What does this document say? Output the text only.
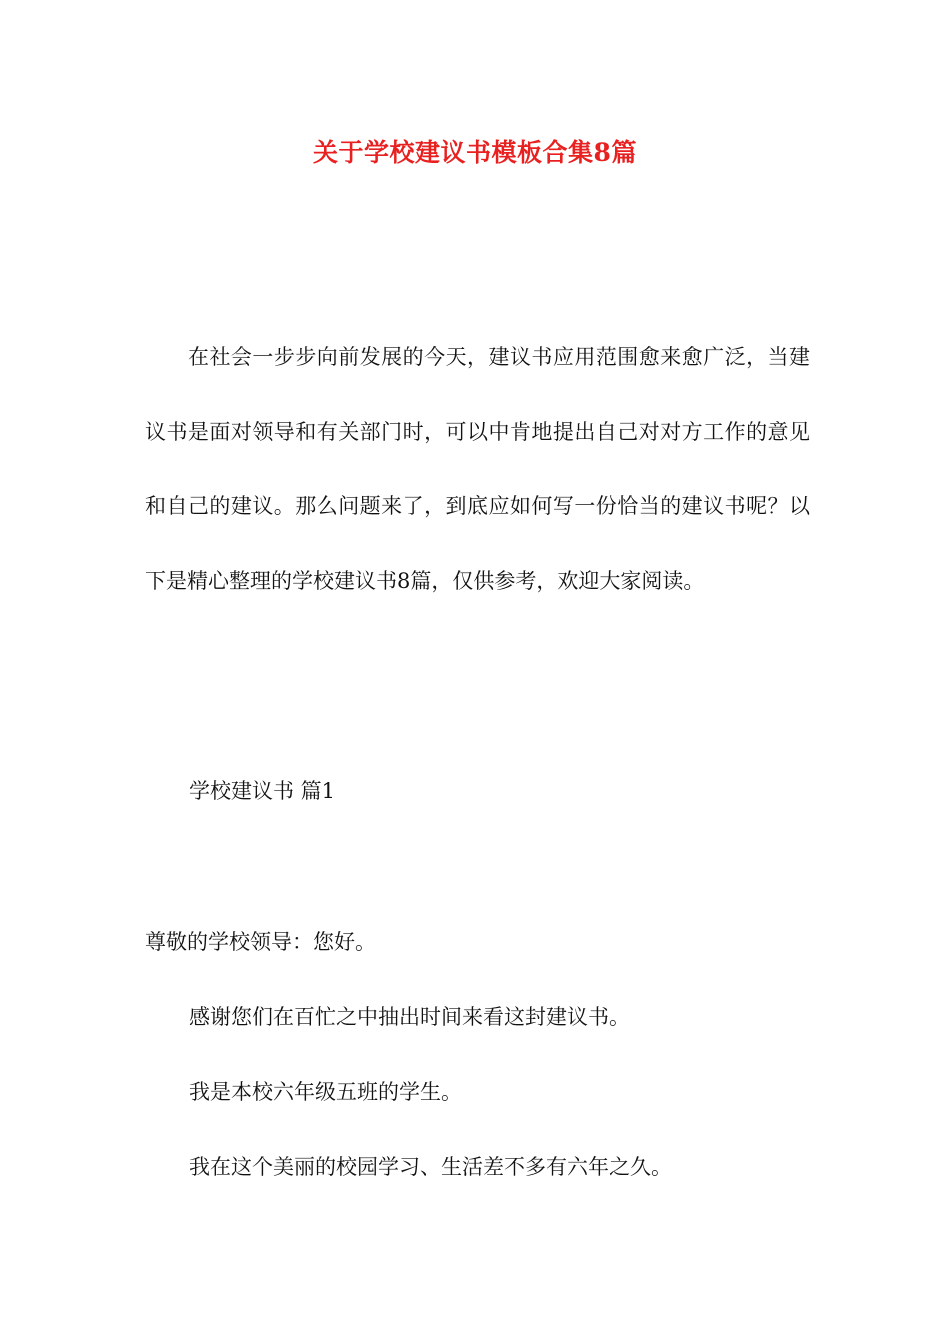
关于学校建议书模板合集8篇

在社会一步步向前发展的今天，建议书应用范围愈来愈广泛，当建议书是面对领导和有关部门时，可以中肯地提出自己对对方工作的意见和自己的建议。那么问题来了，到底应如何写一份恰当的建议书呢？以下是精心整理的学校建议书8篇，仅供参考，欢迎大家阅读。

学校建议书 篇1

尊敬的学校领导：您好。

感谢您们在百忙之中抽出时间来看这封建议书。

我是本校六年级五班的学生。

我在这个美丽的校园学习、生活差不多有六年之久。
